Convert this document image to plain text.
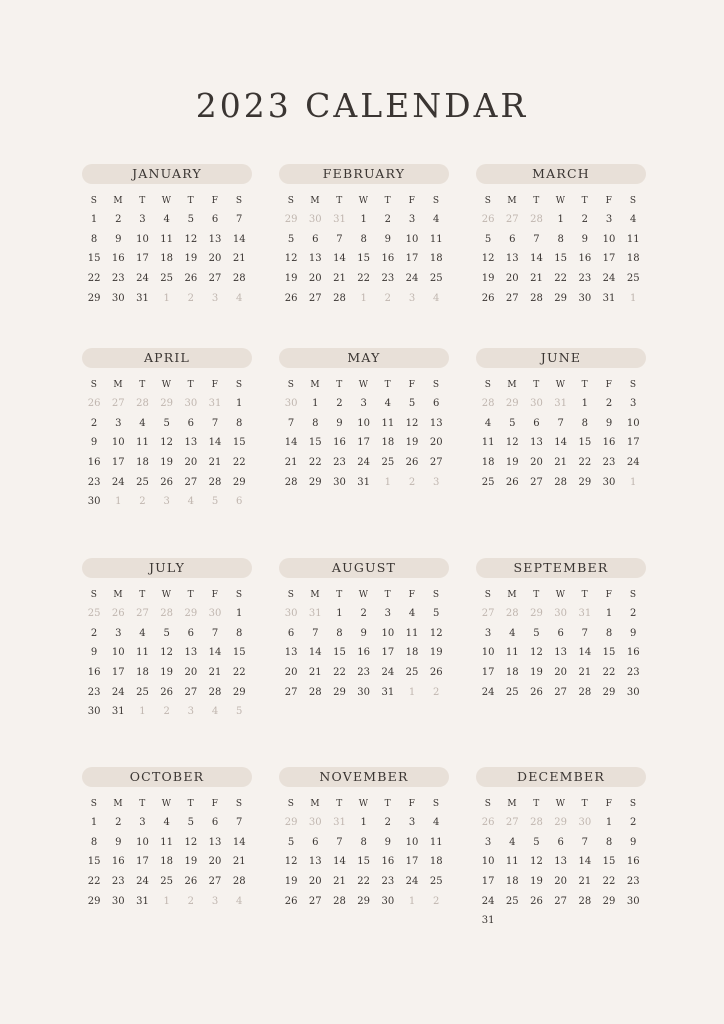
2023 CALENDAR
JANUARY
S	M	T	W	T	F	S
1	2	3	4	5	6	7
8	9	10	11	12	13	14
15	16	17	18	19	20	21
22	23	24	25	26	27	28
29	30	31	1	2	3	4
FEBRUARY
S	M	T	W	T	F	S
29	30	31	1	2	3	4
5	6	7	8	9	10	11
12	13	14	15	16	17	18
19	20	21	22	23	24	25
26	27	28	1	2	3	4
MARCH
S	M	T	W	T	F	S
26	27	28	1	2	3	4
5	6	7	8	9	10	11
12	13	14	15	16	17	18
19	20	21	22	23	24	25
26	27	28	29	30	31	1
APRIL
S	M	T	W	T	F	S
26	27	28	29	30	31	1
2	3	4	5	6	7	8
9	10	11	12	13	14	15
16	17	18	19	20	21	22
23	24	25	26	27	28	29
30	1	2	3	4	5	6
MAY
S	M	T	W	T	F	S
30	1	2	3	4	5	6
7	8	9	10	11	12	13
14	15	16	17	18	19	20
21	22	23	24	25	26	27
28	29	30	31	1	2	3
JUNE
S	M	T	W	T	F	S
28	29	30	31	1	2	3
4	5	6	7	8	9	10
11	12	13	14	15	16	17
18	19	20	21	22	23	24
25	26	27	28	29	30	1
JULY
S	M	T	W	T	F	S
25	26	27	28	29	30	1
2	3	4	5	6	7	8
9	10	11	12	13	14	15
16	17	18	19	20	21	22
23	24	25	26	27	28	29
30	31	1	2	3	4	5
AUGUST
S	M	T	W	T	F	S
30	31	1	2	3	4	5
6	7	8	9	10	11	12
13	14	15	16	17	18	19
20	21	22	23	24	25	26
27	28	29	30	31	1	2
SEPTEMBER
S	M	T	W	T	F	S
27	28	29	30	31	1	2
3	4	5	6	7	8	9
10	11	12	13	14	15	16
17	18	19	20	21	22	23
24	25	26	27	28	29	30
OCTOBER
S	M	T	W	T	F	S
1	2	3	4	5	6	7
8	9	10	11	12	13	14
15	16	17	18	19	20	21
22	23	24	25	26	27	28
29	30	31	1	2	3	4
NOVEMBER
S	M	T	W	T	F	S
29	30	31	1	2	3	4
5	6	7	8	9	10	11
12	13	14	15	16	17	18
19	20	21	22	23	24	25
26	27	28	29	30	1	2
DECEMBER
S	M	T	W	T	F	S
26	27	28	29	30	1	2
3	4	5	6	7	8	9
10	11	12	13	14	15	16
17	18	19	20	21	22	23
24	25	26	27	28	29	30
31
